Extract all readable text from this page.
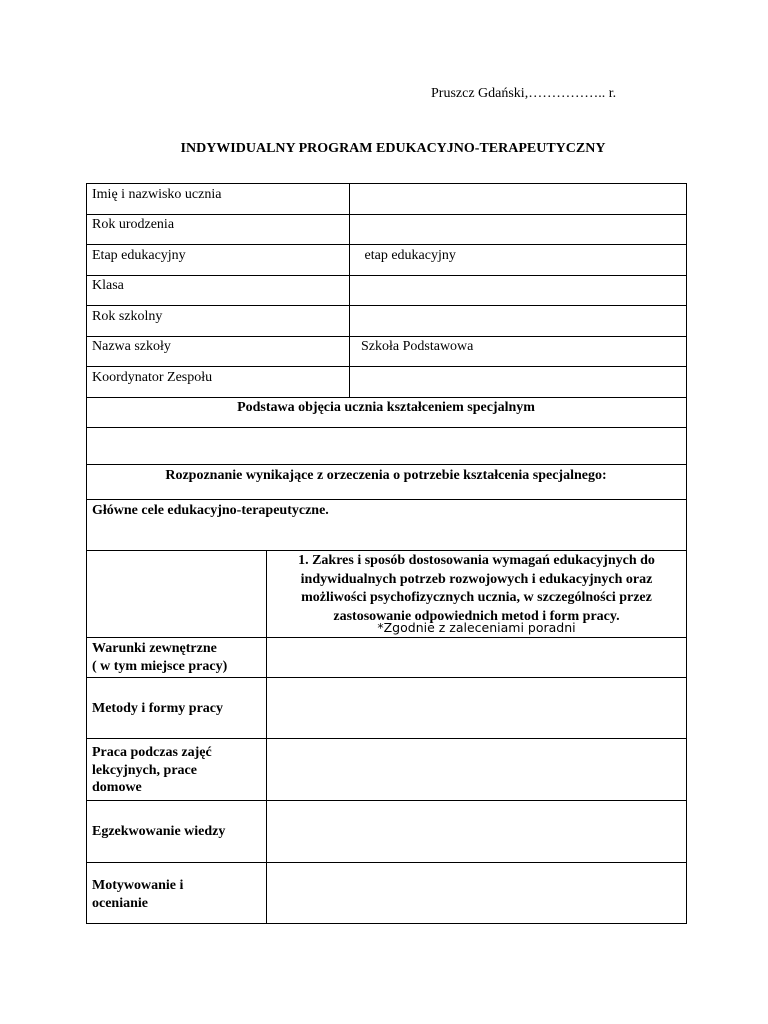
Pruszcz Gdański,…………….. r.
INDYWIDUALNY PROGRAM EDUKACYJNO-TERAPEUTYCZNY
Imię i nazwisko ucznia
Rok urodzenia
Etap edukacyjny	etap edukacyjny
Klasa
Rok szkolny
Nazwa szkoły	Szkoła Podstawowa
Koordynator Zespołu
Podstawa objęcia ucznia kształceniem specjalnym
Rozpoznanie wynikające z orzeczenia o potrzebie kształcenia specjalnego:
Główne cele edukacyjno-terapeutyczne.
1. Zakres i sposób dostosowania wymagań edukacyjnych do
indywidualnych potrzeb rozwojowych i edukacyjnych oraz
możliwości psychofizycznych ucznia, w szczególności przez
zastosowanie odpowiednich metod i form pracy.
*Zgodnie z zaleceniami poradni
Warunki zewnętrzne
( w tym miejsce pracy)
Metody i formy pracy
Praca podczas zajęć
lekcyjnych, prace
domowe
Egzekwowanie wiedzy
Motywowanie i
ocenianie
